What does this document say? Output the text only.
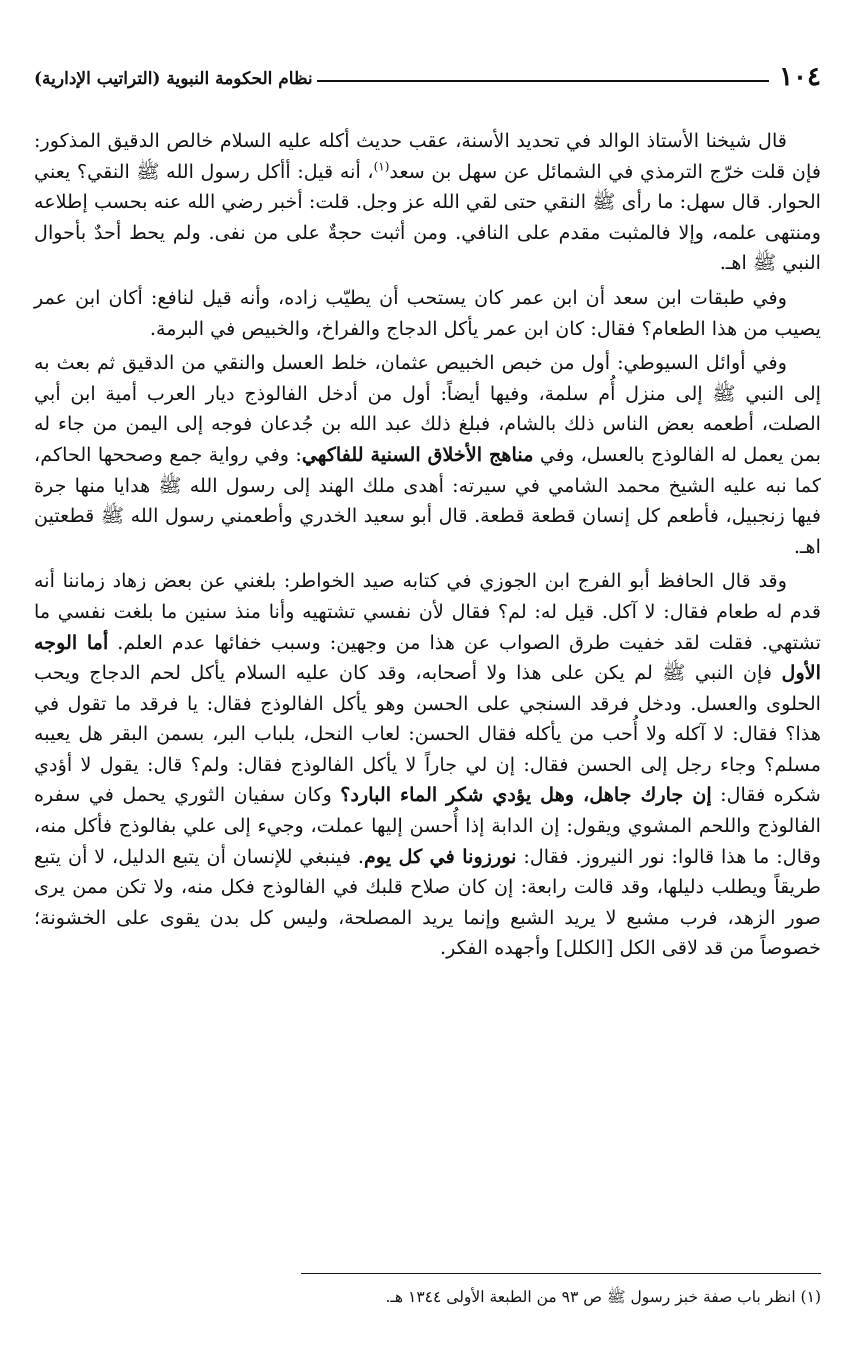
١٠٤
نظام الحكومة النبوية (التراتيب الإدارية)

قال شيخنا الأستاذ الوالد في تحديد الأسنة، عقب حديث أكله عليه السلام خالص الدقيق المذكور: فإن قلت خرّج الترمذي في الشمائل عن سهل بن سعد$^{(١)}$، أنه قيل: أأكل رسول الله ﷺ النقي؟ يعني الحوار. قال سهل: ما رأى ﷺ النقي حتى لقي الله عز وجل. قلت: أخبر رضي الله عنه بحسب إطلاعه ومنتهى علمه، وإلا فالمثبت مقدم على النافي. ومن أثبت حجةٌ على من نفى. ولم يحط أحدٌ بأحوال النبي ﷺ اهـ.

وفي طبقات ابن سعد أن ابن عمر كان يستحب أن يطيّب زاده، وأنه قيل لنافع: أكان ابن عمر يصيب من هذا الطعام؟ فقال: كان ابن عمر يأكل الدجاج والفراخ، والخبيص في البرمة.

وفي أوائل السيوطي: أول من خبص الخبيص عثمان، خلط العسل والنقي من الدقيق ثم بعث به إلى النبي ﷺ إلى منزل أُم سلمة، وفيها أيضاً: أول من أدخل الفالوذج ديار العرب أمية ابن أبي الصلت، أطعمه بعض الناس ذلك بالشام، فبلغ ذلك عبد الله بن جُدعان فوجه إلى اليمن من جاء له بمن يعمل له الفالوذج بالعسل، وفي مناهج الأخلاق السنية للفاكهي: وفي رواية جمع وصححها الحاكم، كما نبه عليه الشيخ محمد الشامي في سيرته: أهدى ملك الهند إلى رسول الله ﷺ هدايا منها جرة فيها زنجبيل، فأطعم كل إنسان قطعة قطعة. قال أبو سعيد الخدري وأطعمني رسول الله ﷺ قطعتين اهـ.

وقد قال الحافظ أبو الفرج ابن الجوزي في كتابه صيد الخواطر: بلغني عن بعض زهاد زماننا أنه قدم له طعام فقال: لا آكل. قيل له: لم؟ فقال لأن نفسي تشتهيه وأنا منذ سنين ما بلغت نفسي ما تشتهي. فقلت لقد خفيت طرق الصواب عن هذا من وجهين: وسبب خفائها عدم العلم. أما الوجه الأول فإن النبي ﷺ لم يكن على هذا ولا أصحابه، وقد كان عليه السلام يأكل لحم الدجاج ويحب الحلوى والعسل. ودخل فرقد السنجي على الحسن وهو يأكل الفالوذج فقال: يا فرقد ما تقول في هذا؟ فقال: لا آكله ولا أُحب من يأكله فقال الحسن: لعاب النحل، بلباب البر، بسمن البقر هل يعيبه مسلم؟ وجاء رجل إلى الحسن فقال: إن لي جاراً لا يأكل الفالوذج فقال: ولم؟ قال: يقول لا أؤدي شكره فقال: إن جارك جاهل، وهل يؤدي شكر الماء البارد؟ وكان سفيان الثوري يحمل في سفره الفالوذج واللحم المشوي ويقول: إن الدابة إذا أُحسن إليها عملت، وجيء إلى علي بفالوذج فأكل منه، وقال: ما هذا قالوا: نور النيروز. فقال: نورزونا في كل يوم. فينبغي للإنسان أن يتبع الدليل، لا أن يتبع طريقاً ويطلب دليلها، وقد قالت رابعة: إن كان صلاح قلبك في الفالوذج فكل منه، ولا تكن ممن يرى صور الزهد، فرب مشبع لا يريد الشبع وإنما يريد المصلحة، وليس كل بدن يقوى على الخشونة؛ خصوصاً من قد لاقى الكل [الكلل] وأجهده الفكر.

(١) انظر باب صفة خبز رسول ﷺ ص ٩٣ من الطبعة الأولى ١٣٤٤ هـ.
